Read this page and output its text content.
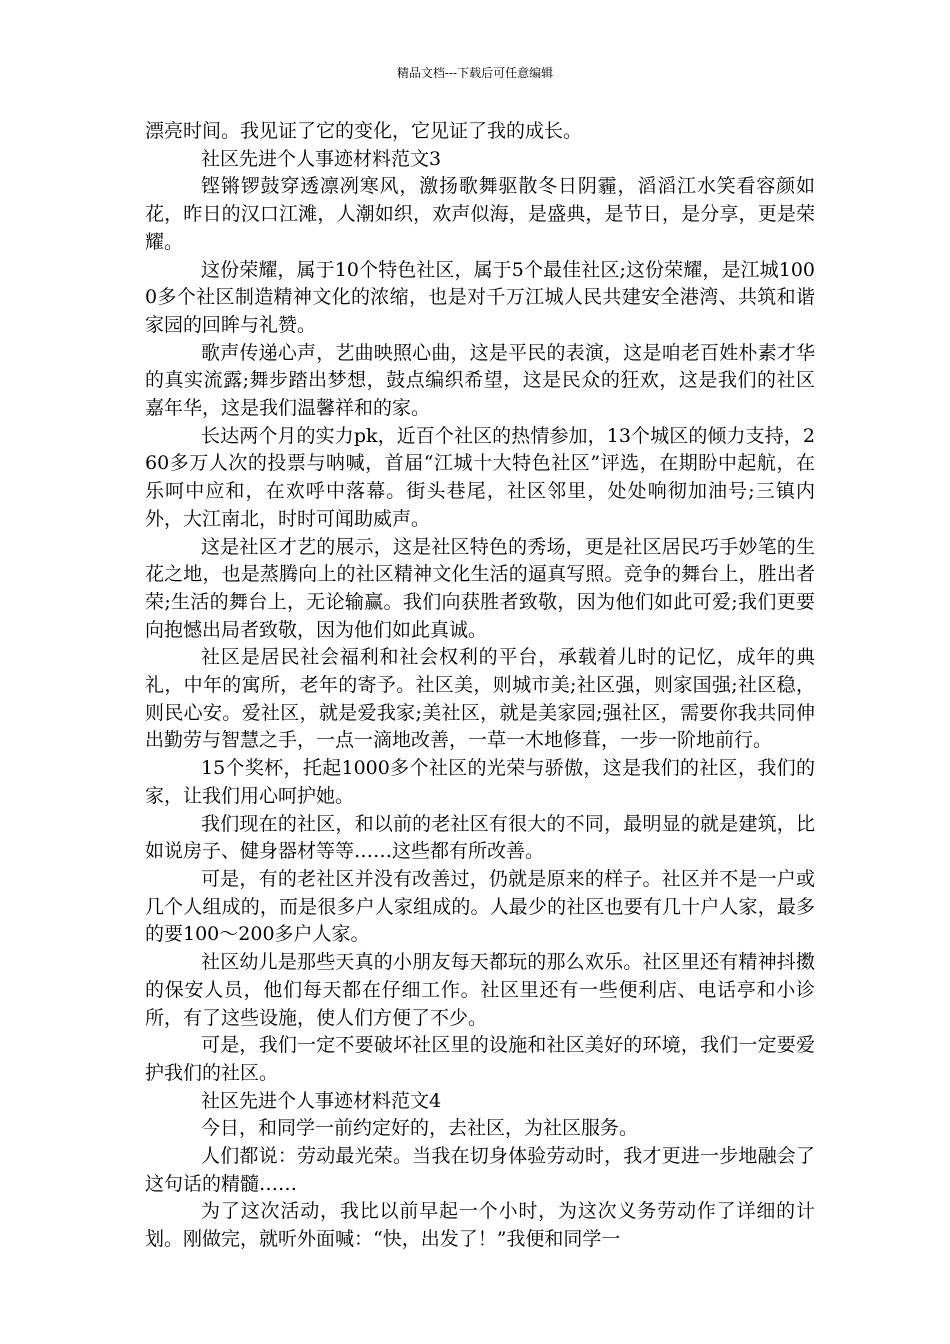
精品文档---下载后可任意编辑

漂亮时间。我见证了它的变化，它见证了我的成长。

社区先进个人事迹材料范文3

铿锵锣鼓穿透凛冽寒风，激扬歌舞驱散冬日阴霾，滔滔江水笑看容颜如花，昨日的汉口江滩，人潮如织，欢声似海，是盛典，是节日，是分享，更是荣耀。

这份荣耀，属于10个特色社区，属于5个最佳社区;这份荣耀，是江城1000多个社区制造精神文化的浓缩，也是对千万江城人民共建安全港湾、共筑和谐家园的回眸与礼赞。

歌声传递心声，艺曲映照心曲，这是平民的表演，这是咱老百姓朴素才华的真实流露;舞步踏出梦想，鼓点编织希望，这是民众的狂欢，这是我们的社区嘉年华，这是我们温馨祥和的家。

长达两个月的实力pk，近百个社区的热情参加，13个城区的倾力支持，260多万人次的投票与呐喊，首届“江城十大特色社区”评选，在期盼中起航，在乐呵中应和，在欢呼中落幕。街头巷尾，社区邻里，处处响彻加油号;三镇内外，大江南北，时时可闻助威声。

这是社区才艺的展示，这是社区特色的秀场，更是社区居民巧手妙笔的生花之地，也是蒸腾向上的社区精神文化生活的逼真写照。竞争的舞台上，胜出者荣;生活的舞台上，无论输赢。我们向获胜者致敬，因为他们如此可爱;我们更要向抱憾出局者致敬，因为他们如此真诚。

社区是居民社会福利和社会权利的平台，承载着儿时的记忆，成年的典礼，中年的寓所，老年的寄予。社区美，则城市美;社区强，则家国强;社区稳，则民心安。爱社区，就是爱我家;美社区，就是美家园;强社区，需要你我共同伸出勤劳与智慧之手，一点一滴地改善，一草一木地修葺，一步一阶地前行。

15个奖杯，托起1000多个社区的光荣与骄傲，这是我们的社区，我们的家，让我们用心呵护她。

我们现在的社区，和以前的老社区有很大的不同，最明显的就是建筑，比如说房子、健身器材等等……这些都有所改善。

可是，有的老社区并没有改善过，仍就是原来的样子。社区并不是一户或几个人组成的，而是很多户人家组成的。人最少的社区也要有几十户人家，最多的要100～200多户人家。

社区幼儿是那些天真的小朋友每天都玩的那么欢乐。社区里还有精神抖擞的保安人员，他们每天都在仔细工作。社区里还有一些便利店、电话亭和小诊所，有了这些设施，使人们方便了不少。

可是，我们一定不要破坏社区里的设施和社区美好的环境，我们一定要爱护我们的社区。

社区先进个人事迹材料范文4

今日，和同学一前约定好的，去社区，为社区服务。

人们都说：劳动最光荣。当我在切身体验劳动时，我才更进一步地融会了这句话的精髓……

为了这次活动，我比以前早起一个小时，为这次义务劳动作了详细的计划。刚做完，就听外面喊：“快，出发了！”我便和同学一
